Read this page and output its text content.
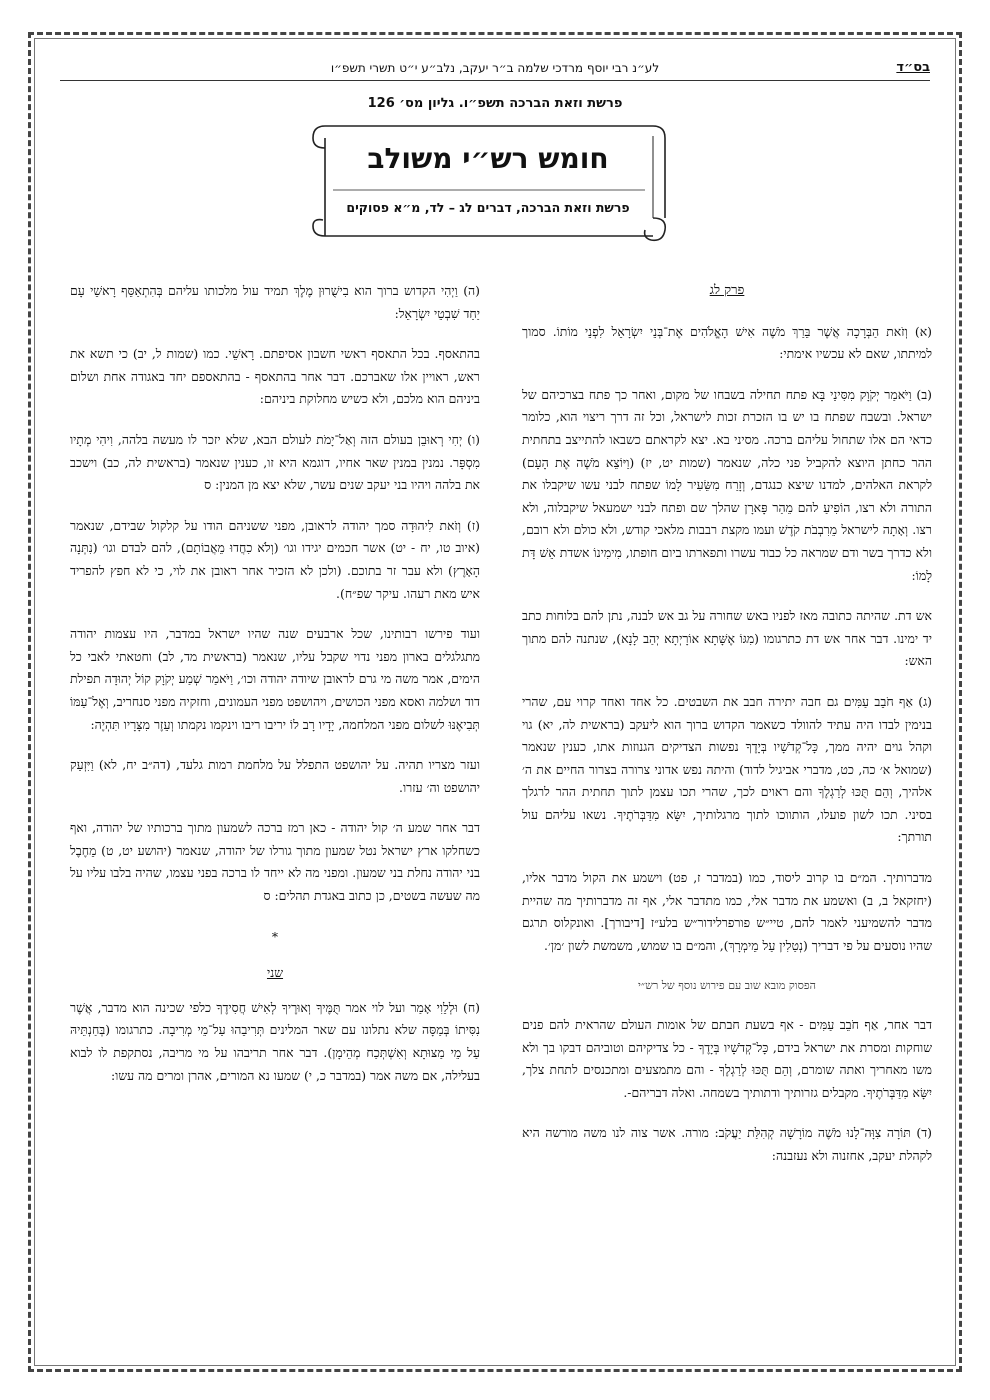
בס״ד
לע״נ רבי יוסף מרדכי שלמה ב״ר יעקב, נלב״ע י״ט תשרי תשפ״ו
פרשת וזאת הברכה תשפ״ו. גליון מס׳ 126
חומש רש״י משולב
פרשת וזאת הברכה, דברים לג – לד, מ״א פסוקים

פרק לג

(א) וְזֹאת הַבְּרָכָה אֲשֶׁר בֵּרַךְ מֹשֶׁה אִישׁ הָאֱלֹהִים אֶת־בְּנֵי יִשְׂרָאֵל לִפְנֵי מוֹתוֹ. סמוך למיתתו, שאם לא עכשיו אימתי:

(ב) וַיֹּאמַר יְקֹוָק מִסִּינַי בָּא פתח תחילה בשבחו של מקום, ואחר כך פתח בצרכיהם של ישראל. ובשבח שפתח בו יש בו הזכרת זכות לישראל, וכל זה דרך ריצוי הוא, כלומר כדאי הם אלו שתחול עליהם ברכה. מסיני בא. יצא לקראתם כשבאו להתייצב בתחתית ההר כחתן היוצא להקביל פני כלה, שנאמר (שמות יט, יז) (וַיּוֹצֵא מֹשֶׁה אֶת הָעָם) לקראת האלהים, למדנו שיצא כנגדם, וְזָרַח מִשֵּׂעִיר לָמוֹ שפתח לבני עשו שיקבלו את התורה ולא רצו, הוֹפִיעַ להם מֵהַר פָּארָן שהלך שם ופתח לבני ישמעאל שיקבלוה, ולא רצו. וְאָתָה לישראל מֵרִבְבֹת קֹדֶשׁ ועמו מקצת רבבות מלאכי קודש, ולא כולם ולא רובם, ולא כדרך בשר ודם שמראה כל כבוד עשרו ותפארתו ביום חופתו, מִימִינוֹ אשדת אֵשׁ דָּת לָמוֹ:

אש דת. שהיתה כתובה מאז לפניו באש שחורה על גב אש לבנה, נתן להם בלוחות כתב יד ימינו. דבר אחר אש דת כתרגומו (מִגּוֹ אֶשָּׁתָא אוֹרָיְתָא יְהַב לָנָא), שנתנה להם מתוך האש:

(ג) אַף חֹבֵב עַמִּים גם חבה יתירה חבב את השבטים. כל אחד ואחד קרוי עם, שהרי בנימין לבדו היה עתיד להוולד כשאמר הקדוש ברוך הוא ליעקב (בראשית לה, יא) גוי וקהל גוים יהיה ממך, כָּל־קְדֹשָׁיו בְּיָדֶךָ נפשות הצדיקים הגנוזות אתו, כענין שנאמר (שמואל א׳ כה, כט, מדברי אביגיל לדוד) והיתה נפש אדוני צרורה בצרור החיים את ה׳ אלהיך, וְהֵם תֻּכּוּ לְרַגְלֶךָ והם ראוים לכך, שהרי תכו עצמן לתוך תחתית ההר לרגלך בסיני. תכו לשון פועלו, הותווכו לתוך מרגלותיך, יִשָּׂא מִדַּבְּרֹתֶיךָ. נשאו עליהם עול תורתך:

מדברותיך. המ״ם בו קרוב ליסוד, כמו (במדבר ז, פט) וישמע את הקול מדבר אליו, (יחזקאל ב, ב) ואשמע את מדבר אלי, כמו מתדבר אלי, אף זה מדברותיך מה שהיית מדבר להשמיעני לאמר להם, טיי״ש פורפרלידור״ש בלע״ז [דיבורך]. ואונקלוס תרגם שהיו נוסעים על פי דבריך (נְטַלִין עַל מֵימְרָךְ), והמ״ם בו שמוש, משמשת לשון ׳מן׳.

הפסוק מובא שוב עם פירוש נוסף של רש״י

דבר אחר, אַף חֹבֵב עַמִּים - אף בשעת חבתם של אומות העולם שהראית להם פנים שוחקות ומסרת את ישראל בידם, כָּל־קְדֹשָׁיו בְּיָדֶךָ - כל צדיקיהם וטוביהם דבקו בך ולא משו מאחריך ואתה שומרם, וְהֵם תֻּכּוּ לְרַגְלֶךָ - והם מתמצעים ומתכנסים לתחת צלך, יִשָּׂא מִדַּבְּרֹתֶיךָ. מקבלים גזרותיך ודתותיך בשמחה. ואלה דבריהם-.

(ד) תּוֹרָה צִוָּה־לָנוּ מֹשֶׁה מוֹרָשָׁה קְהִלַּת יַעֲקֹב: מורה. אשר צוה לנו משה מורשה היא לקהלת יעקב, אחזנוה ולא נעזבנה:

(ה) וַיְהִי הקדוש ברוך הוא בִישֻׁרוּן מֶלֶךְ תמיד עול מלכותו עליהם בְּהִתְאַסֵּף רָאשֵׁי עָם יַחַד שִׁבְטֵי יִשְׂרָאֵל:

בהתאסף. בכל התאסף ראשי חשבון אסיפתם. רָאשֵׁי. כמו (שמות ל, יב) כי תשא את ראש, ראויין אלו שאברכם. דבר אחר בהתאסף - בהתאספם יחד באגודה אחת ושלום ביניהם הוא מלכם, ולא כשיש מחלוקת ביניהם:

(ו) יְחִי רְאוּבֵן בעולם הזה וְאַל־יָמֹת לעולם הבא, שלא יזכר לו מעשה בלהה, וִיהִי מְתָיו מִסְפָּר. נמנין במנין שאר אחיו, דוגמא היא זו, כענין שנאמר (בראשית לה, כב) וישכב את בלהה ויהיו בני יעקב שנים עשר, שלא יצא מן המנין: ס

(ז) וְזֹאת לִיהוּדָה סמך יהודה לראובן, מפני ששניהם הודו על קלקול שבידם, שנאמר (איוב טו, יח - יט) אשר חכמים יגידו וגו׳ (וְלֹא כִחֲדוּ מֵאֲבוֹתָם), להם לבדם וגו׳ (נִתְּנָה הָאָרֶץ) ולא עבר זר בתוכם. (ולכן לא הזכיר אחר ראובן את לוי, כי לא חפץ להפריד איש מאת רעהו. עיקר שפ״ח).

ועוד פירשו רבותינו, שכל ארבעים שנה שהיו ישראל במדבר, היו עצמות יהודה מתגלגלים בארון מפני נדוי שקבל עליו, שנאמר (בראשית מד, לב) וחטאתי לאבי כל הימים, אמר משה מי גרם לראובן שיודה יהודה וכו׳, וַיֹּאמַר שְׁמַע יְקֹוָק קוֹל יְהוּדָה תפילת דוד ושלמה ואסא מפני הכושים, ויהושפט מפני העמונים, וחזקיה מפני סנחריב, וְאֶל־עַמּוֹ תְּבִיאֶנּוּ לשלום מפני המלחמה, יָדָיו רָב לוֹ יריבו ריבו וינקמו נקמתו וְעֵזֶר מִצָּרָיו תִּהְיֶה:

ועזר מצריו תהיה. על יהושפט התפלל על מלחמת רמות גלעד, (דה״ב יח, לא) וַיִּזְעַק יהושפט וה׳ עזרו.

דבר אחר שמע ה׳ קול יהודה - כאן רמז ברכה לשמעון מתוך ברכותיו של יהודה, ואף כשחלקו ארץ ישראל נטל שמעון מתוך גורלו של יהודה, שנאמר (יהושע יט, ט) מֵחֶבֶל בני יהודה נחלת בני שמעון. ומפני מה לא ייחד לו ברכה בפני עצמו, שהיה בלבו עליו על מה שעשה בשטים, כן כתוב באגדת תהלים: ס

*

שני

(ח) וּלְלֵוִי אָמַר ועל לוי אמר תֻּמֶּיךָ וְאוּרֶיךָ לְאִישׁ חֲסִידֶךָ כלפי שכינה הוא מדבר, אֲשֶׁר נִסִּיתוֹ בְּמַסָּה שלא נתלונו עם שאר המלינים תְּרִיבֵהוּ עַל־מֵי מְרִיבָה. כתרגומו (בְּחַנְתֵּיהּ עַל מֵי מַצּוּתָא וְאִשְׁתְּכַח מְהֵימָן). דבר אחר תריבהו על מי מריבה, נסתקפת לו לבוא בעלילה, אם משה אמר (במדבר כ, י) שמעו נא המורים, אהרן ומרים מה עשו:
